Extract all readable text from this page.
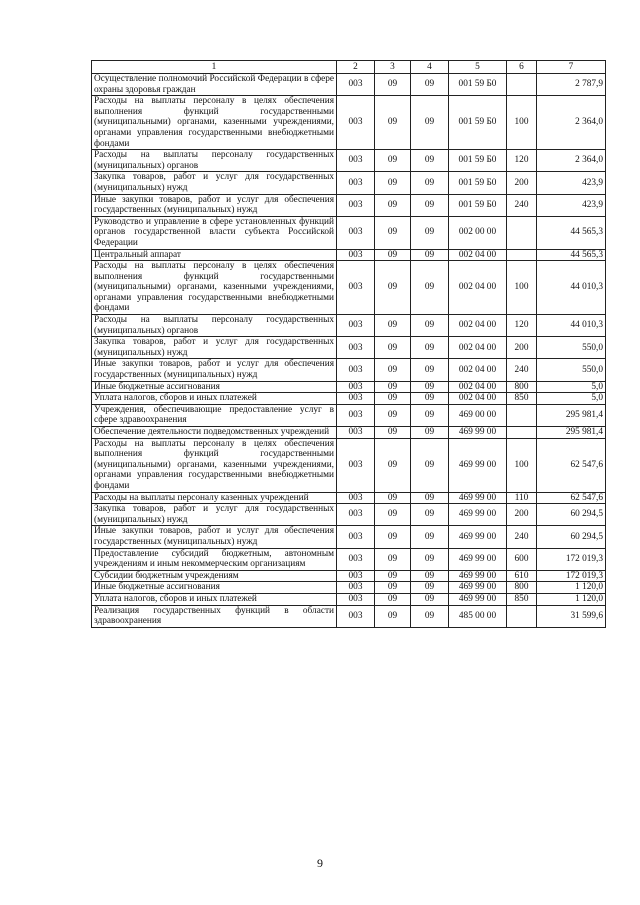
1	2	3	4	5	6	7
Осуществление полномочий Российской Федерации в сфере охраны здоровья граждан	003	09	09	001 59 Б0		2 787,9
Расходы на выплаты персоналу в целях обеспечения выполнения функций государственными (муниципальными) органами, казенными учреждениями, органами управления государственными внебюджетными фондами	003	09	09	001 59 Б0	100	2 364,0
Расходы на выплаты персоналу государственных (муниципальных) органов	003	09	09	001 59 Б0	120	2 364,0
Закупка товаров, работ и услуг для государственных (муниципальных) нужд	003	09	09	001 59 Б0	200	423,9
Иные закупки товаров, работ и услуг для обеспечения государственных (муниципальных) нужд	003	09	09	001 59 Б0	240	423,9
Руководство и управление в сфере установленных функций органов государственной власти субъекта Российской Федерации	003	09	09	002 00 00		44 565,3
Центральный аппарат	003	09	09	002 04 00		44 565,3
Расходы на выплаты персоналу в целях обеспечения выполнения функций государственными (муниципальными) органами, казенными учреждениями, органами управления государственными внебюджетными фондами	003	09	09	002 04 00	100	44 010,3
Расходы на выплаты персоналу государственных (муниципальных) органов	003	09	09	002 04 00	120	44 010,3
Закупка товаров, работ и услуг для государственных (муниципальных) нужд	003	09	09	002 04 00	200	550,0
Иные закупки товаров, работ и услуг для обеспечения государственных (муниципальных) нужд	003	09	09	002 04 00	240	550,0
Иные бюджетные ассигнования	003	09	09	002 04 00	800	5,0
Уплата налогов, сборов и иных платежей	003	09	09	002 04 00	850	5,0
Учреждения, обеспечивающие предоставление услуг в сфере здравоохранения	003	09	09	469 00 00		295 981,4
Обеспечение деятельности подведомственных учреждений	003	09	09	469 99 00		295 981,4
Расходы на выплаты персоналу в целях обеспечения выполнения функций государственными (муниципальными) органами, казенными учреждениями, органами управления государственными внебюджетными фондами	003	09	09	469 99 00	100	62 547,6
Расходы на выплаты персоналу казенных учреждений	003	09	09	469 99 00	110	62 547,6
Закупка товаров, работ и услуг для государственных (муниципальных) нужд	003	09	09	469 99 00	200	60 294,5
Иные закупки товаров, работ и услуг для обеспечения государственных (муниципальных) нужд	003	09	09	469 99 00	240	60 294,5
Предоставление субсидий бюджетным, автономным учреждениям и иным некоммерческим организациям	003	09	09	469 99 00	600	172 019,3
Субсидии бюджетным учреждениям	003	09	09	469 99 00	610	172 019,3
Иные бюджетные ассигнования	003	09	09	469 99 00	800	1 120,0
Уплата налогов, сборов и иных платежей	003	09	09	469 99 00	850	1 120,0
Реализация государственных функций в области здравоохранения	003	09	09	485 00 00		31 599,6
9
